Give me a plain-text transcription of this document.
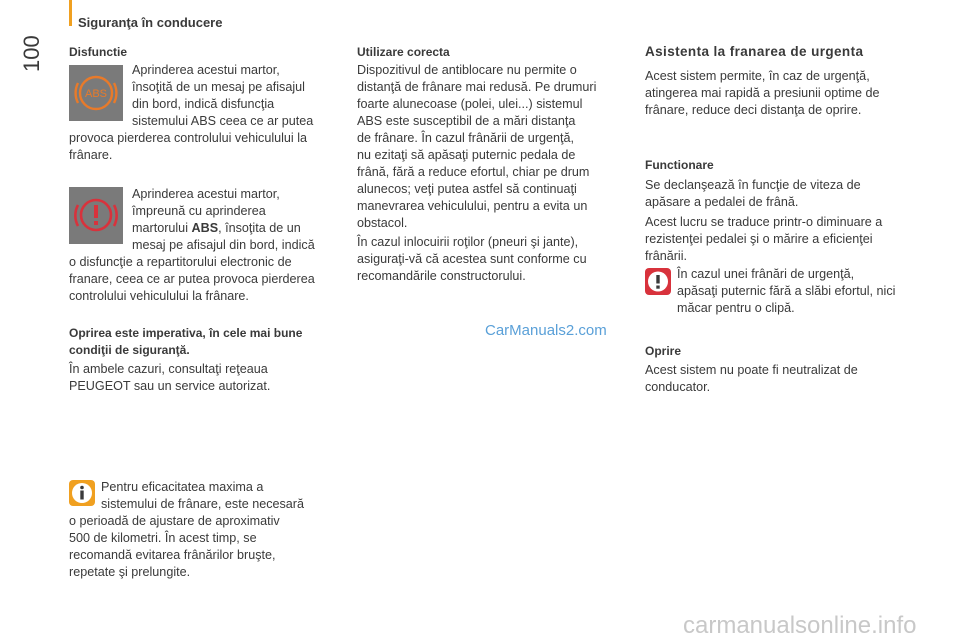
Siguranţa în conducere
100 Disfunctie

ABS

Aprinderea acestui martor,

însoţită de un mesaj pe afisajul

din bord, indică disfuncţia

sistemului ABS ceea ce ar putea

provoca pierderea controlului vehiculului la

frânare.

Aprinderea acestui martor,

împreună cu aprinderea

martorului ABS, însoţita de un

mesaj pe afisajul din bord, indică

o disfuncţie a repartitorului electronic de

franare, ceea ce ar putea provoca pierderea

controlului vehiculului la frânare.

Oprirea este imperativa, în cele mai bune

condiţii de siguranţă.

În ambele cazuri, consultaţi reţeaua

PEUGEOT sau un service autorizat.

Pentru eficacitatea maxima a

sistemului de frânare, este necesară

o perioadă de ajustare de aproximativ

500 de kilometri. În acest timp, se

recomandă evitarea frânărilor bruşte,

repetate şi prelungite.

Utilizare corecta

Dispozitivul de antiblocare nu permite o

distanţă de frânare mai redusă. Pe drumuri

foarte alunecoase (polei, ulei...) sistemul

ABS este susceptibil de a mări distanţa

de frânare. În cazul frânării de urgenţă,

nu ezitaţi să apăsaţi puternic pedala de

frână, fără a reduce efortul, chiar pe drum

alunecos; veţi putea astfel să continuaţi

manevrarea vehiculului, pentru a evita un

obstacol.

În cazul inlocuirii roţilor (pneuri şi jante),

asiguraţi-vă că acestea sunt conforme cu

recomandările constructorului.

Asistenta la franarea de urgenta

Acest sistem permite, în caz de urgenţă,

atingerea mai rapidă a presiunii optime de

frânare, reduce deci distanţa de oprire.

Functionare

Se declanşează în funcţie de viteza de

apăsare a pedalei de frână.

Acest lucru se traduce printr-o diminuare a

rezistenţei pedalei şi o mărire a eficienţei

frânării.

În cazul unei frânări de urgenţă,

apăsaţi puternic fără a slăbi efortul, nici

măcar pentru o clipă.

Oprire

Acest sistem nu poate fi neutralizat de

conducator.

CarManuals2.com
carmanualsonline.info
